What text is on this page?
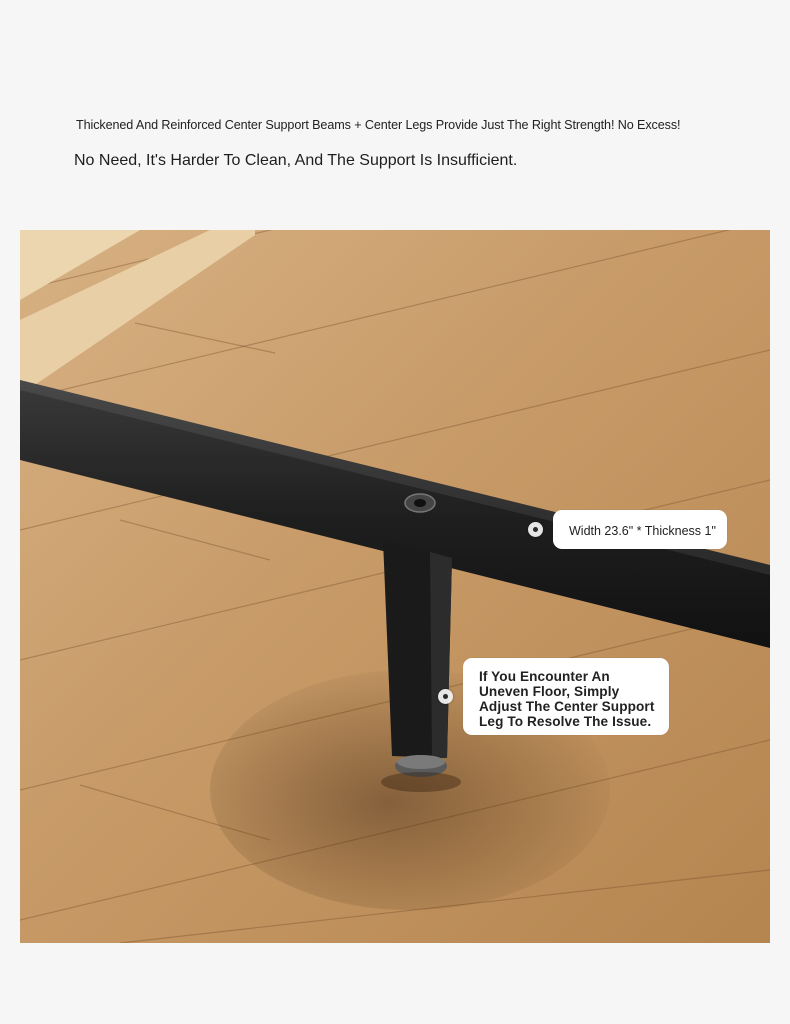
Thickened And Reinforced Center Support Beams + Center Legs Provide Just The Right Strength! No Excess!
No Need, It's Harder To Clean, And The Support Is Insufficient.
Width 23.6" * Thickness 1"
If You Encounter An Uneven Floor, Simply Adjust The Center Support Leg To Resolve The Issue.
